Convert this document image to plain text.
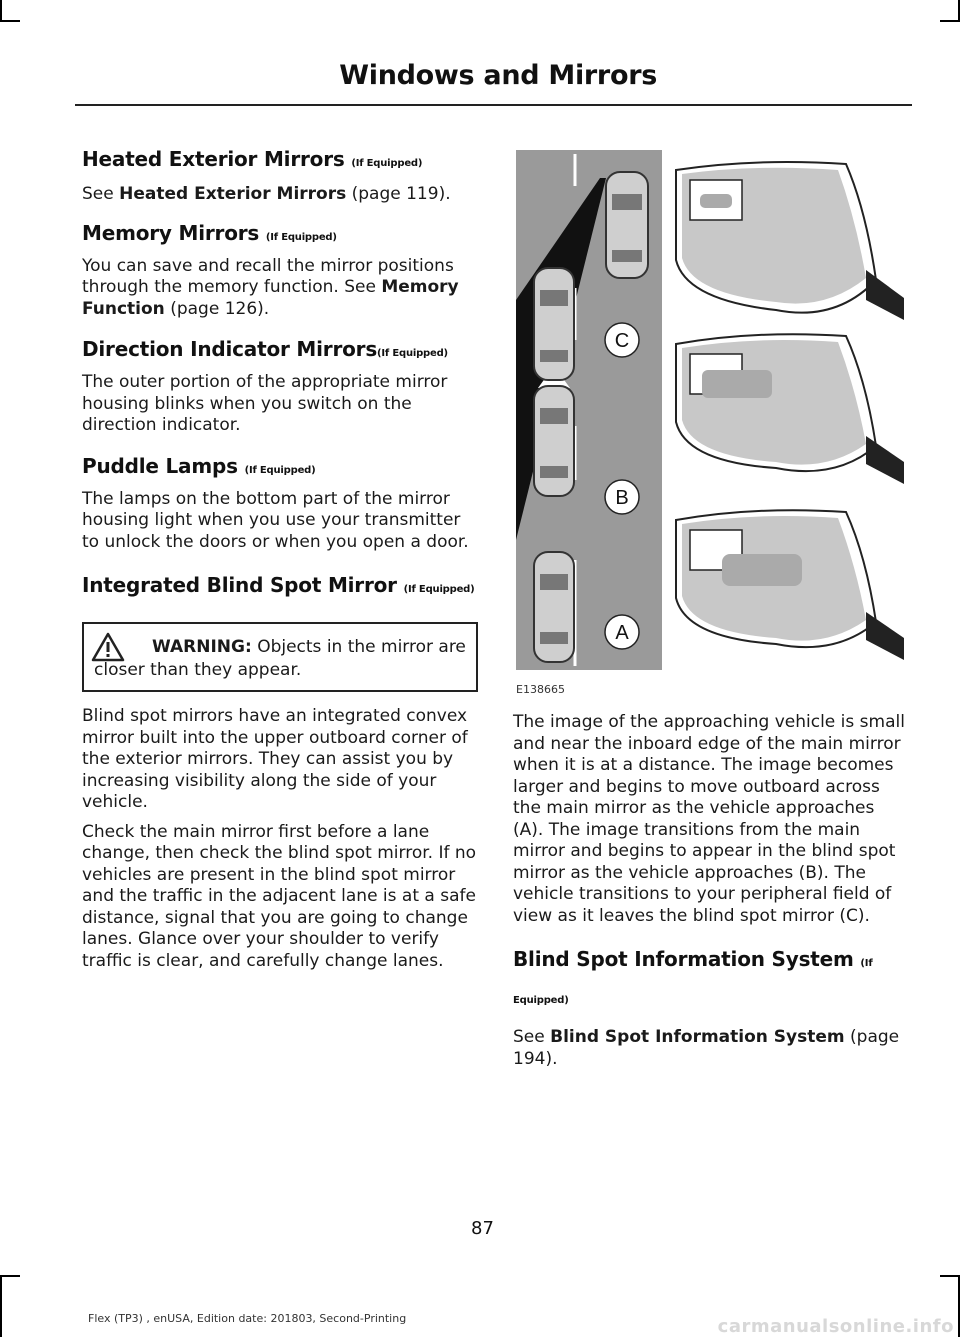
Windows and Mirrors
Heated Exterior Mirrors (If Equipped)

See Heated Exterior Mirrors (page 119).

Memory Mirrors (If Equipped)

You can save and recall the mirror positions through the memory function. See Memory Function (page 126).

Direction Indicator Mirrors(If Equipped)

The outer portion of the appropriate mirror housing blinks when you switch on the direction indicator.

Puddle Lamps (If Equipped)

The lamps on the bottom part of the mirror housing light when you use your transmitter to unlock the doors or when you open a door.

Integrated Blind Spot Mirror (If Equipped)

WARNING: Objects in the mirror are closer than they appear.

Blind spot mirrors have an integrated convex mirror built into the upper outboard corner of the exterior mirrors. They can assist you by increasing visibility along the side of your vehicle.

Check the main mirror first before a lane change, then check the blind spot mirror. If no vehicles are present in the blind spot mirror and the traffic in the adjacent lane is at a safe distance, signal that you are going to change lanes. Glance over your shoulder to verify traffic is clear, and carefully change lanes.

C
B
A
E138665

The image of the approaching vehicle is small and near the inboard edge of the main mirror when it is at a distance. The image becomes larger and begins to move outboard across the main mirror as the vehicle approaches (A). The image transitions from the main mirror and begins to appear in the blind spot mirror as the vehicle approaches (B). The vehicle transitions to your peripheral field of view as it leaves the blind spot mirror (C).

Blind Spot Information System (If Equipped)

See Blind Spot Information System (page 194).

87
Flex (TP3) , enUSA, Edition date: 201803, Second-Printing	carmanualsonline.info
